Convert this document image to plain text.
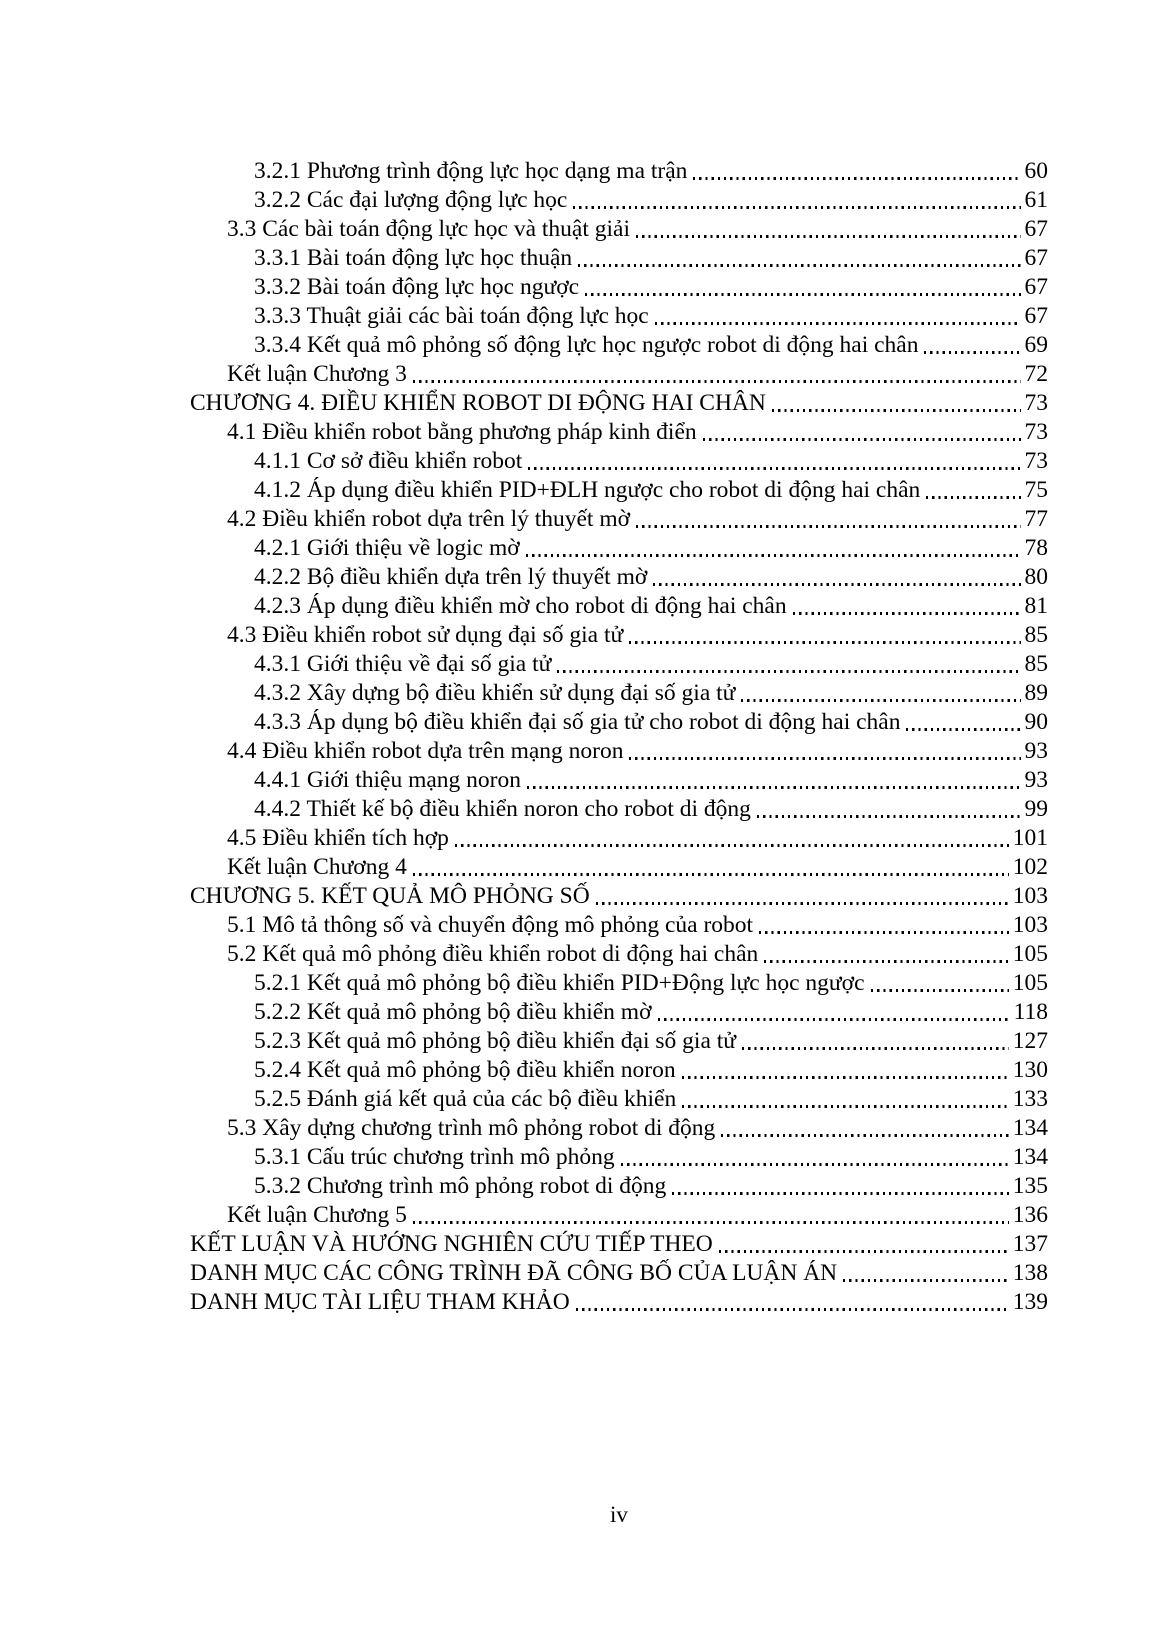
3.2.1 Phương trình động lực học dạng ma trận	60
3.2.2 Các đại lượng động lực học	61
3.3 Các bài toán động lực học và thuật giải	67
3.3.1 Bài toán động lực học thuận	67
3.3.2 Bài toán động lực học ngược	67
3.3.3 Thuật giải các bài toán động lực học	67
3.3.4 Kết quả mô phỏng số động lực học ngược robot di động hai chân	69
Kết luận Chương 3	72
CHƯƠNG 4. ĐIỀU KHIỂN ROBOT DI ĐỘNG HAI CHÂN	73
4.1 Điều khiển robot bằng phương pháp kinh điển	73
4.1.1 Cơ sở điều khiển robot	73
4.1.2 Áp dụng điều khiển PID+ĐLH ngược cho robot di động hai chân	75
4.2 Điều khiển robot dựa trên lý thuyết mờ	77
4.2.1 Giới thiệu về logic mờ	78
4.2.2 Bộ điều khiển dựa trên lý thuyết mờ	80
4.2.3 Áp dụng điều khiển mờ cho robot di động hai chân	81
4.3 Điều khiển robot sử dụng đại số gia tử	85
4.3.1 Giới thiệu về đại số gia tử	85
4.3.2 Xây dựng bộ điều khiển sử dụng đại số gia tử	89
4.3.3 Áp dụng bộ điều khiển đại số gia tử cho robot di động hai chân	90
4.4 Điều khiển robot dựa trên mạng noron	93
4.4.1 Giới thiệu mạng noron	93
4.4.2 Thiết kế bộ điều khiển noron cho robot di động	99
4.5 Điều khiển tích hợp	101
Kết luận Chương 4	102
CHƯƠNG 5. KẾT QUẢ MÔ PHỎNG SỐ	103
5.1 Mô tả thông số và chuyển động mô phỏng của robot	103
5.2 Kết quả mô phỏng điều khiển robot di động hai chân	105
5.2.1 Kết quả mô phỏng bộ điều khiển PID+Động lực học ngược	105
5.2.2 Kết quả mô phỏng bộ điều khiển mờ	118
5.2.3 Kết quả mô phỏng bộ điều khiển đại số gia tử	127
5.2.4 Kết quả mô phỏng bộ điều khiển noron	130
5.2.5 Đánh giá kết quả của các bộ điều khiển	133
5.3 Xây dựng chương trình mô phỏng robot di động	134
5.3.1 Cấu trúc chương trình mô phỏng	134
5.3.2 Chương trình mô phỏng robot di động	135
Kết luận Chương 5	136
KẾT LUẬN VÀ HƯỚNG NGHIÊN CỨU TIẾP THEO	137
DANH MỤC CÁC CÔNG TRÌNH ĐÃ CÔNG BỐ CỦA LUẬN ÁN	138
DANH MỤC TÀI LIỆU THAM KHẢO	139
iv
